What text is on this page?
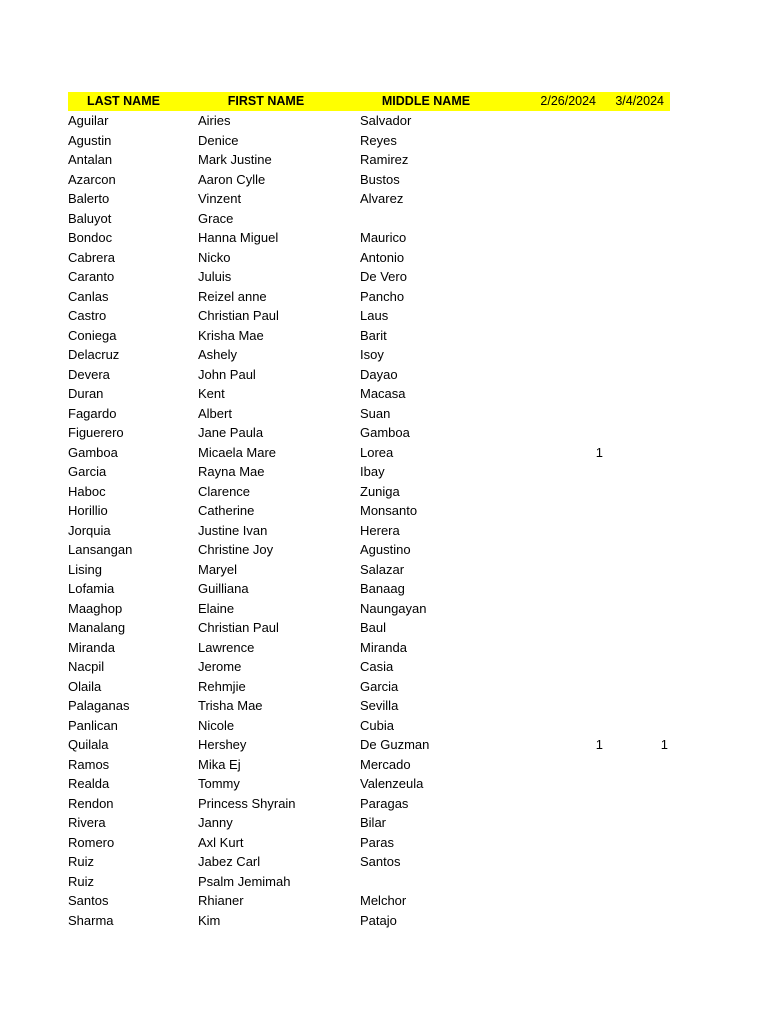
LAST NAME	FIRST NAME	MIDDLE NAME	2/26/2024	3/4/2024
Aguilar	Airies	Salvador
Agustin	Denice	Reyes
Antalan	Mark Justine	Ramirez
Azarcon	Aaron Cylle	Bustos
Balerto	Vinzent	Alvarez
Baluyot	Grace
Bondoc	Hanna Miguel	Maurico
Cabrera	Nicko	Antonio
Caranto	Juluis	De Vero
Canlas	Reizel anne	Pancho
Castro	Christian Paul	Laus
Coniega	Krisha Mae	Barit
Delacruz	Ashely	Isoy
Devera	John Paul	Dayao
Duran	Kent	Macasa
Fagardo	Albert	Suan
Figuerero	Jane Paula	Gamboa
Gamboa	Micaela Mare	Lorea	1
Garcia	Rayna Mae	Ibay
Haboc	Clarence	Zuniga
Horillio	Catherine	Monsanto
Jorquia	Justine Ivan	Herera
Lansangan	Christine Joy	Agustino
Lising	Maryel	Salazar
Lofamia	Guilliana	Banaag
Maaghop	Elaine	Naungayan
Manalang	Christian Paul	Baul
Miranda	Lawrence	Miranda
Nacpil	Jerome	Casia
Olaila	Rehmjie	Garcia
Palaganas	Trisha Mae	Sevilla
Panlican	Nicole	Cubia
Quilala	Hershey	De Guzman	1	1
Ramos	Mika Ej	Mercado
Realda	Tommy	Valenzeula
Rendon	Princess Shyrain	Paragas
Rivera	Janny	Bilar
Romero	Axl Kurt	Paras
Ruiz	Jabez Carl	Santos
Ruiz	Psalm Jemimah
Santos	Rhianer	Melchor
Sharma	Kim	Patajo
